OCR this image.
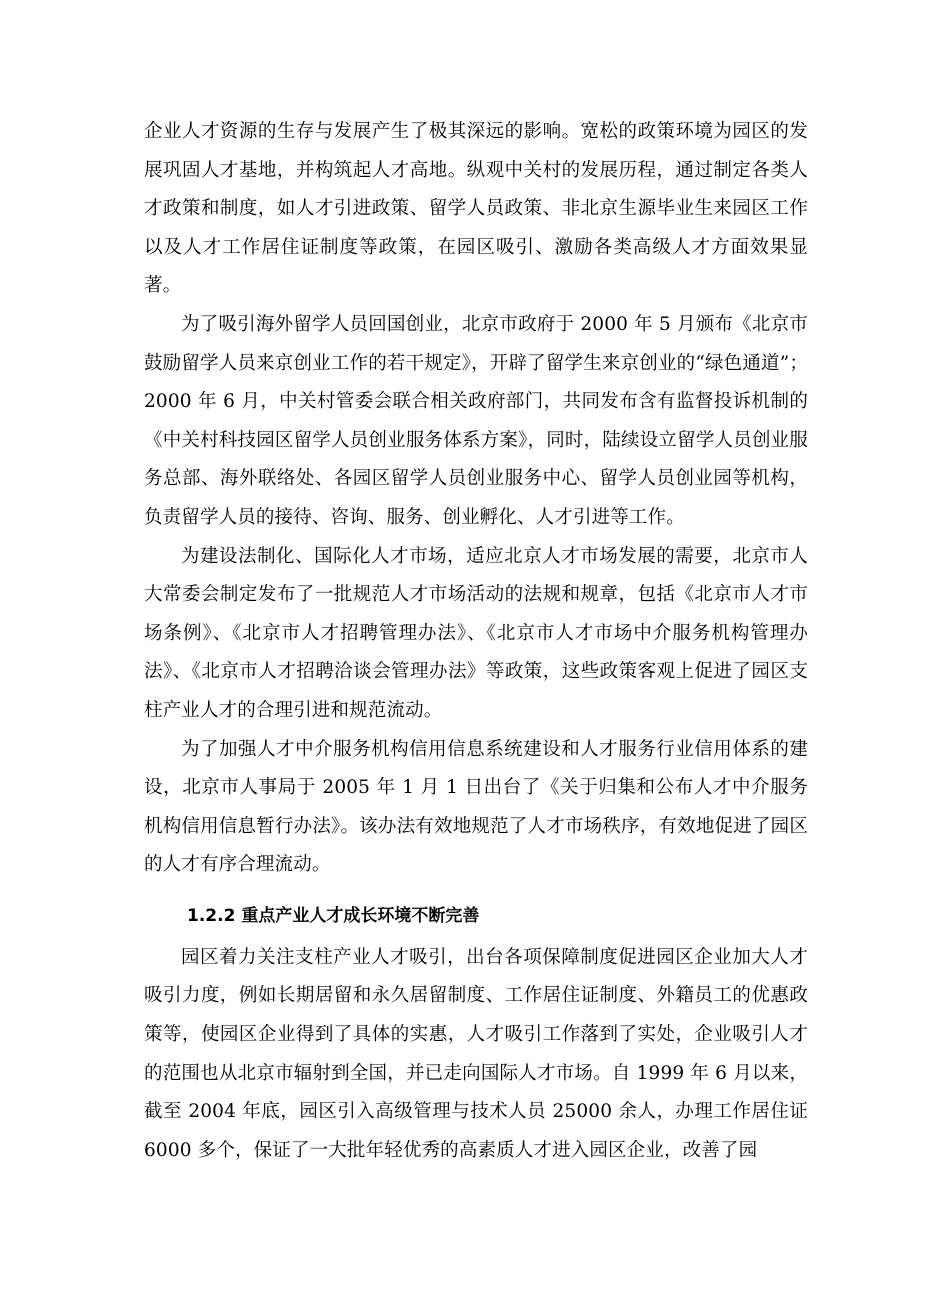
企业人才资源的生存与发展产生了极其深远的影响。宽松的政策环境为园区的发展巩固人才基地，并构筑起人才高地。纵观中关村的发展历程，通过制定各类人才政策和制度，如人才引进政策、留学人员政策、非北京生源毕业生来园区工作以及人才工作居住证制度等政策，在园区吸引、激励各类高级人才方面效果显著。

为了吸引海外留学人员回国创业，北京市政府于 2000 年 5 月颁布《北京市鼓励留学人员来京创业工作的若干规定》，开辟了留学生来京创业的“绿色通道”；2000 年 6 月，中关村管委会联合相关政府部门，共同发布含有监督投诉机制的《中关村科技园区留学人员创业服务体系方案》，同时，陆续设立留学人员创业服务总部、海外联络处、各园区留学人员创业服务中心、留学人员创业园等机构，负责留学人员的接待、咨询、服务、创业孵化、人才引进等工作。

为建设法制化、国际化人才市场，适应北京人才市场发展的需要，北京市人大常委会制定发布了一批规范人才市场活动的法规和规章，包括《北京市人才市场条例》、《北京市人才招聘管理办法》、《北京市人才市场中介服务机构管理办法》、《北京市人才招聘洽谈会管理办法》等政策，这些政策客观上促进了园区支柱产业人才的合理引进和规范流动。

为了加强人才中介服务机构信用信息系统建设和人才服务行业信用体系的建设，北京市人事局于 2005 年 1 月 1 日出台了《关于归集和公布人才中介服务机构信用信息暂行办法》。该办法有效地规范了人才市场秩序，有效地促进了园区的人才有序合理流动。

1.2.2 重点产业人才成长环境不断完善

园区着力关注支柱产业人才吸引，出台各项保障制度促进园区企业加大人才吸引力度，例如长期居留和永久居留制度、工作居住证制度、外籍员工的优惠政策等，使园区企业得到了具体的实惠，人才吸引工作落到了实处，企业吸引人才的范围也从北京市辐射到全国，并已走向国际人才市场。自 1999 年 6 月以来，截至 2004 年底，园区引入高级管理与技术人员 25000 余人，办理工作居住证 6000 多个，保证了一大批年轻优秀的高素质人才进入园区企业，改善了园
